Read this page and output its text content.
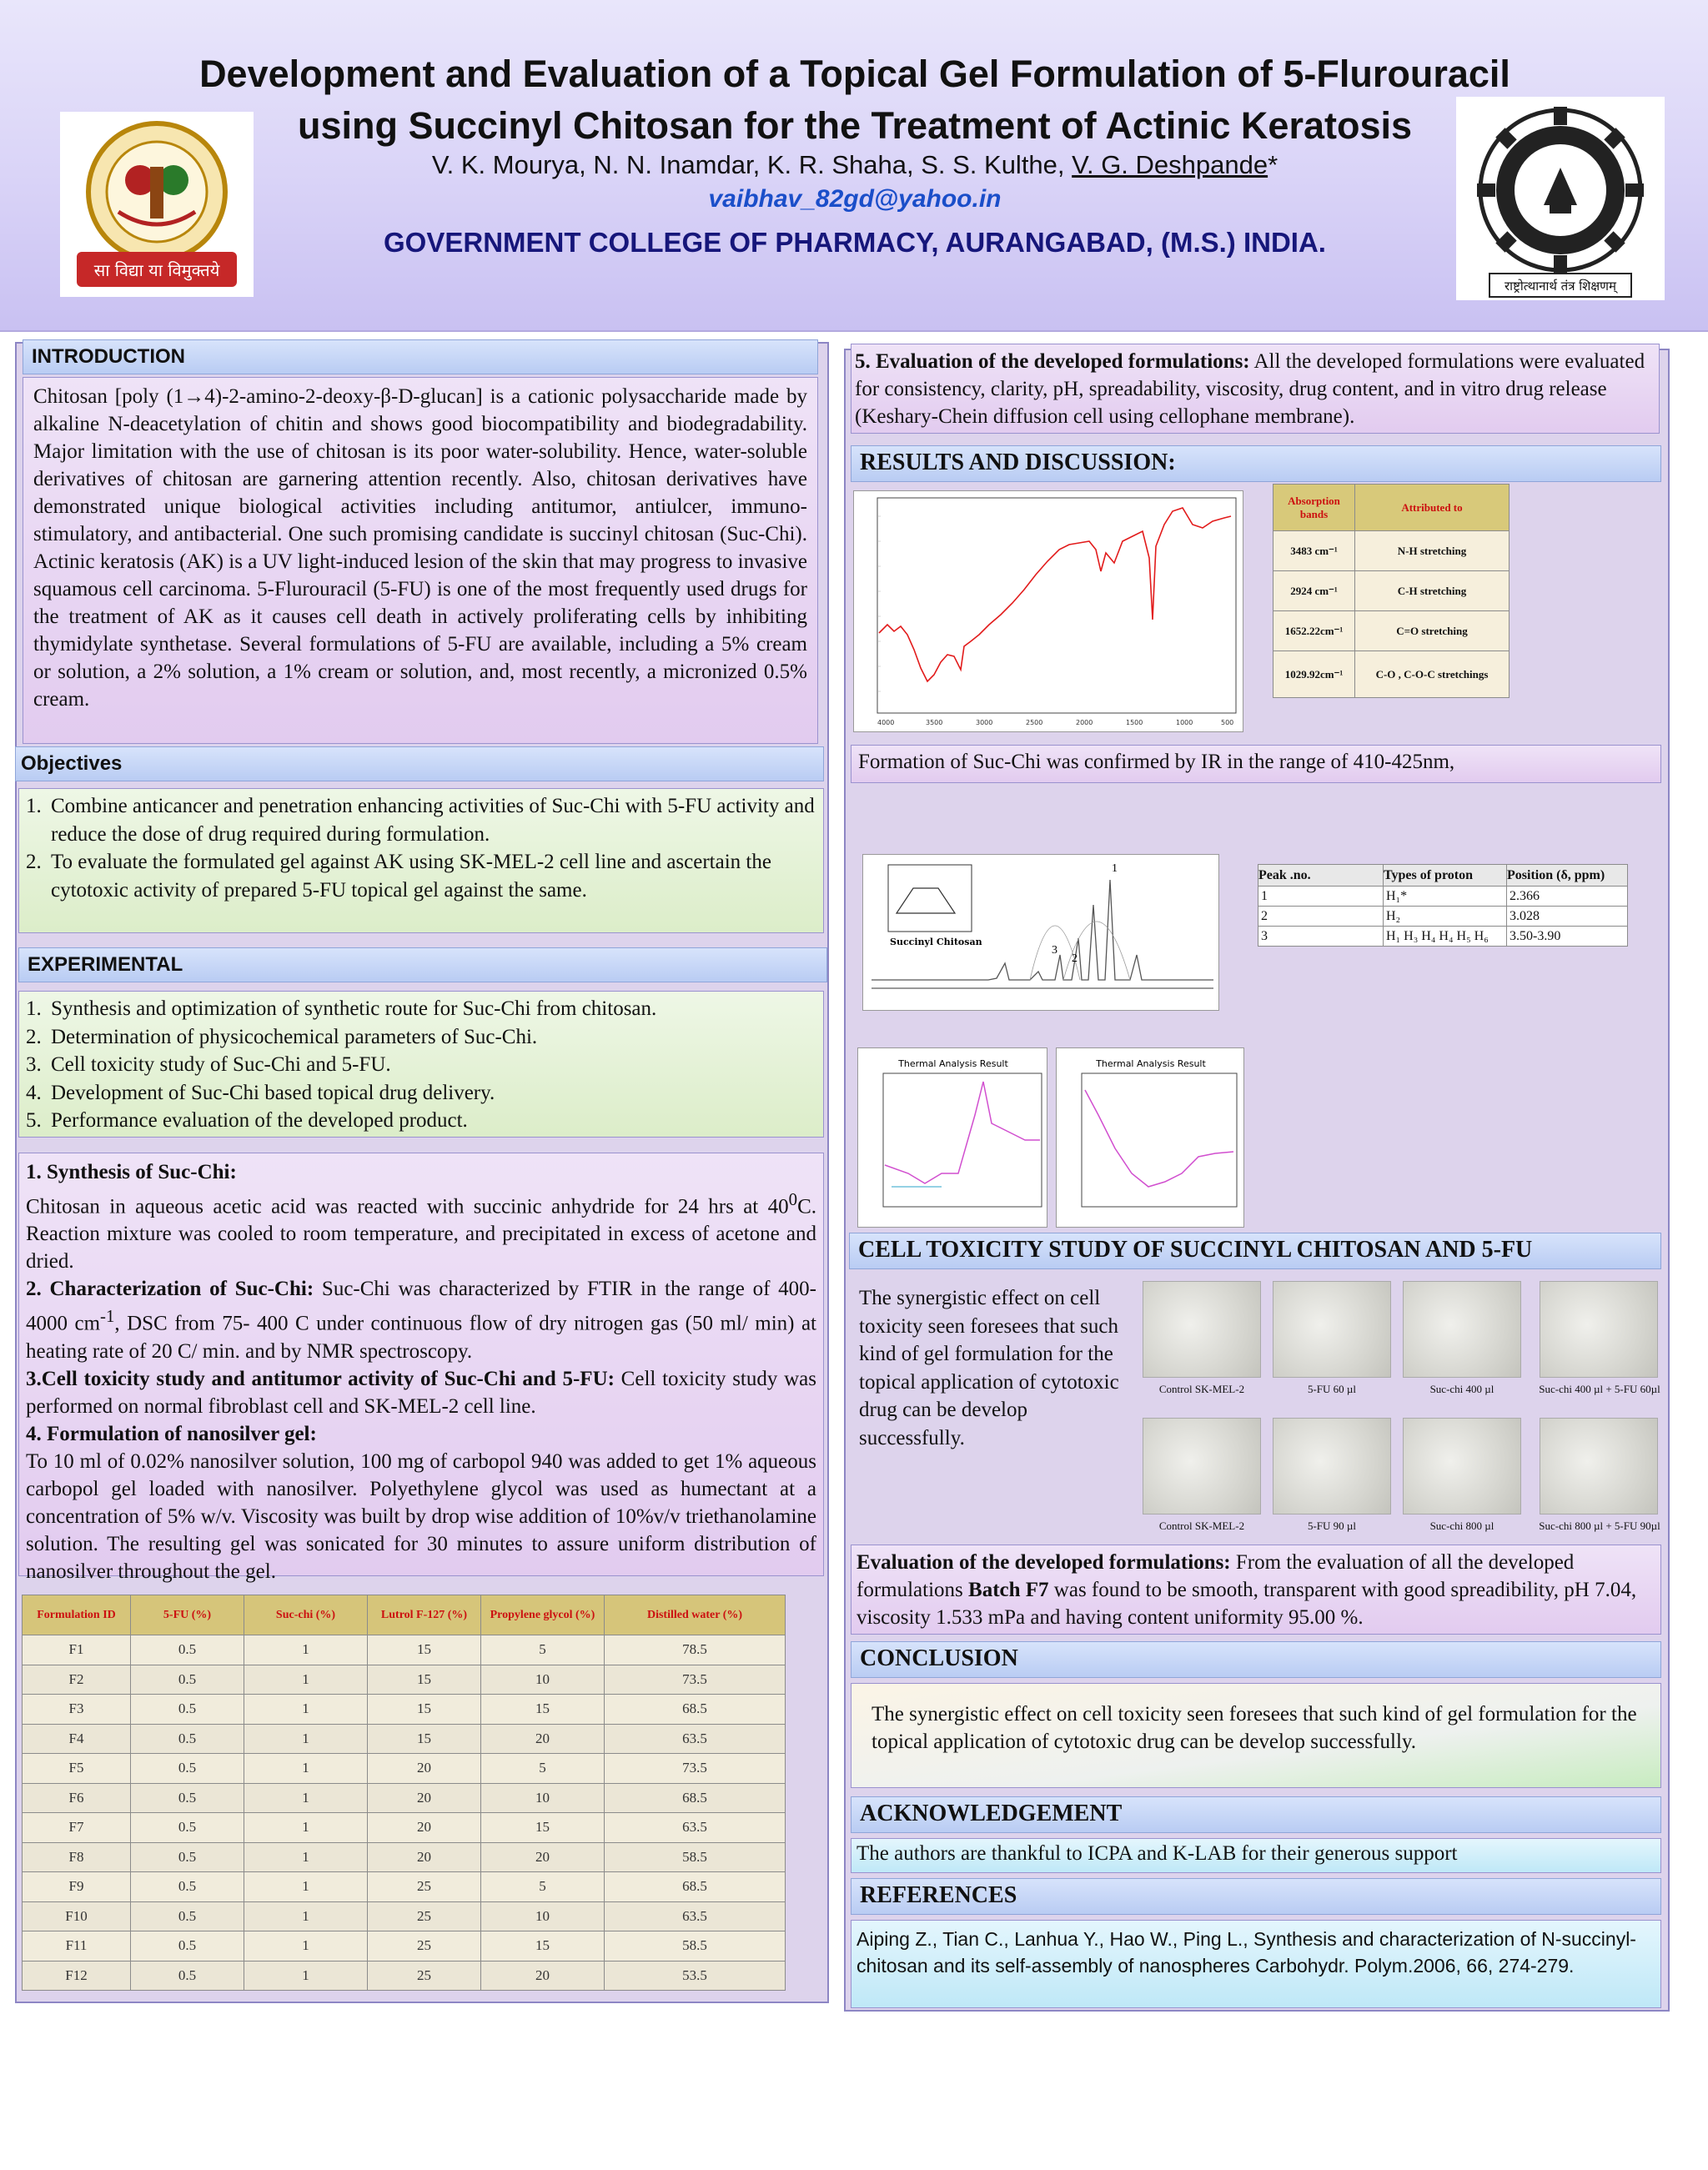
सा विद्या या विमुक्तये
Development and Evaluation of a Topical Gel Formulation of 5-Flurouracil
using Succinyl Chitosan for the Treatment of Actinic Keratosis
V. K. Mourya, N. N. Inamdar, K. R. Shaha, S. S. Kulthe, V. G. Deshpande*
vaibhav_82gd@yahoo.in
GOVERNMENT COLLEGE OF PHARMACY, AURANGABAD, (M.S.) INDIA.
राष्ट्रोत्थानार्थ तंत्र शिक्षणम्
INTRODUCTION
Chitosan [poly (1→4)-2-amino-2-deoxy-β-D-glucan] is a cationic polysaccharide made by alkaline N-deacetylation of chitin and shows good biocompatibility and biodegradability. Major limitation with the use of chitosan is its poor water-solubility. Hence, water-soluble derivatives of chitosan are garnering attention recently. Also, chitosan derivatives have demonstrated unique biological activities including antitumor, antiulcer, immuno-stimulatory, and antibacterial. One such promising candidate is succinyl chitosan (Suc-Chi). Actinic keratosis (AK) is a UV light-induced lesion of the skin that may progress to invasive squamous cell carcinoma. 5-Flurouracil (5-FU) is one of the most frequently used drugs for the treatment of AK as it causes cell death in actively proliferating cells by inhibiting thymidylate synthetase. Several formulations of 5-FU are available, including a 5% cream or solution, a 2% solution, a 1% cream or solution, and, most recently, a micronized 0.5% cream.
Objectives
1. Combine anticancer and penetration enhancing activities of Suc-Chi with 5-FU activity and reduce the dose of drug required during formulation.
2. To evaluate the formulated gel against AK using SK-MEL-2 cell line and ascertain the cytotoxic activity of prepared 5-FU topical gel against the same.
EXPERIMENTAL
1. Synthesis and optimization of synthetic route for Suc-Chi from chitosan.
2. Determination of physicochemical parameters of Suc-Chi.
3. Cell toxicity study of Suc-Chi and 5-FU.
4. Development of Suc-Chi based topical drug delivery.
5. Performance evaluation of the developed product.
1. Synthesis of Suc-Chi:
Chitosan in aqueous acetic acid was reacted with succinic anhydride for 24 hrs at $40^0C$. Reaction mixture was cooled to room temperature, and precipitated in excess of acetone and dried.
2. Characterization of Suc-Chi: Suc-Chi was characterized by FTIR in the range of 400-4000 $cm^{-1}$, DSC from 75- 400 C under continuous flow of dry nitrogen gas (50 ml/ min) at heating rate of 20 C/ min. and by NMR spectroscopy.
3.Cell toxicity study and antitumor activity of Suc-Chi and 5-FU: Cell toxicity study was performed on normal fibroblast cell and SK-MEL-2 cell line.
4. Formulation of nanosilver gel:
To 10 ml of 0.02% nanosilver solution, 100 mg of carbopol 940 was added to get 1% aqueous carbopol gel loaded with nanosilver. Polyethylene glycol was used as humectant at a concentration of 5% w/v. Viscosity was built by drop wise addition of 10%v/v triethanolamine solution. The resulting gel was sonicated for 30 minutes to assure uniform distribution of nanosilver throughout the gel.
Formulation ID	5-FU (%)	Suc-chi (%)	Lutrol F-127 (%)	Propylene glycol (%)	Distilled water (%)
F1	0.5	1	15	5	78.5
F2	0.5	1	15	10	73.5
F3	0.5	1	15	15	68.5
F4	0.5	1	15	20	63.5
F5	0.5	1	20	5	73.5
F6	0.5	1	20	10	68.5
F7	0.5	1	20	15	63.5
F8	0.5	1	20	20	58.5
F9	0.5	1	25	5	68.5
F10	0.5	1	25	10	63.5
F11	0.5	1	25	15	58.5
F12	0.5	1	25	20	53.5
5. Evaluation of the developed formulations: All the developed formulations were evaluated for consistency, clarity, pH, spreadability, viscosity, drug content, and in vitro drug release (Keshary-Chein diffusion cell using cellophane membrane).
RESULTS AND DISCUSSION:
4000	3500	3000	2500	2000	1500	1000	500
Absorption bands	Attributed to
3483 cm⁻¹	N-H stretching
2924 cm⁻¹	C-H stretching
1652.22cm⁻¹	C=O stretching
1029.92cm⁻¹	C-O , C-O-C stretchings
Formation of Suc-Chi was confirmed by IR in the range of 410-425nm,
Succinyl Chitosan
1
3
2
Peak .no.	Types of proton	Position (δ, ppm)
1	H₁*	2.366
2	H₂	3.028
3	H₁ H₃ H₄ H₄ H₅ H₆	3.50-3.90
Thermal Analysis Result	Thermal Analysis Result
CELL TOXICITY STUDY OF SUCCINYL CHITOSAN AND 5-FU
The synergistic effect on cell toxicity seen foresees that such kind of gel formulation for the topical application of cytotoxic drug can be develop successfully.
Control SK-MEL-2	5-FU 60 µl	Suc-chi 400 µl	Suc-chi 400 µl + 5-FU 60µl
Control SK-MEL-2	5-FU 90 µl	Suc-chi 800 µl	Suc-chi 800 µl + 5-FU 90µl
Evaluation of the developed formulations: From the evaluation of all the developed formulations Batch F7 was found to be smooth, transparent with good spreadibility, pH 7.04, viscosity 1.533 mPa and having content uniformity 95.00 %.
CONCLUSION
The synergistic effect on cell toxicity seen foresees that such kind of gel formulation for the topical application of cytotoxic drug can be develop successfully.
ACKNOWLEDGEMENT
The authors are thankful to ICPA and K-LAB for their generous support
REFERENCES
Aiping Z., Tian C., Lanhua Y., Hao W., Ping L., Synthesis and characterization of N-succinyl-chitosan and its self-assembly of nanospheres Carbohydr. Polym.2006, 66, 274-279.
